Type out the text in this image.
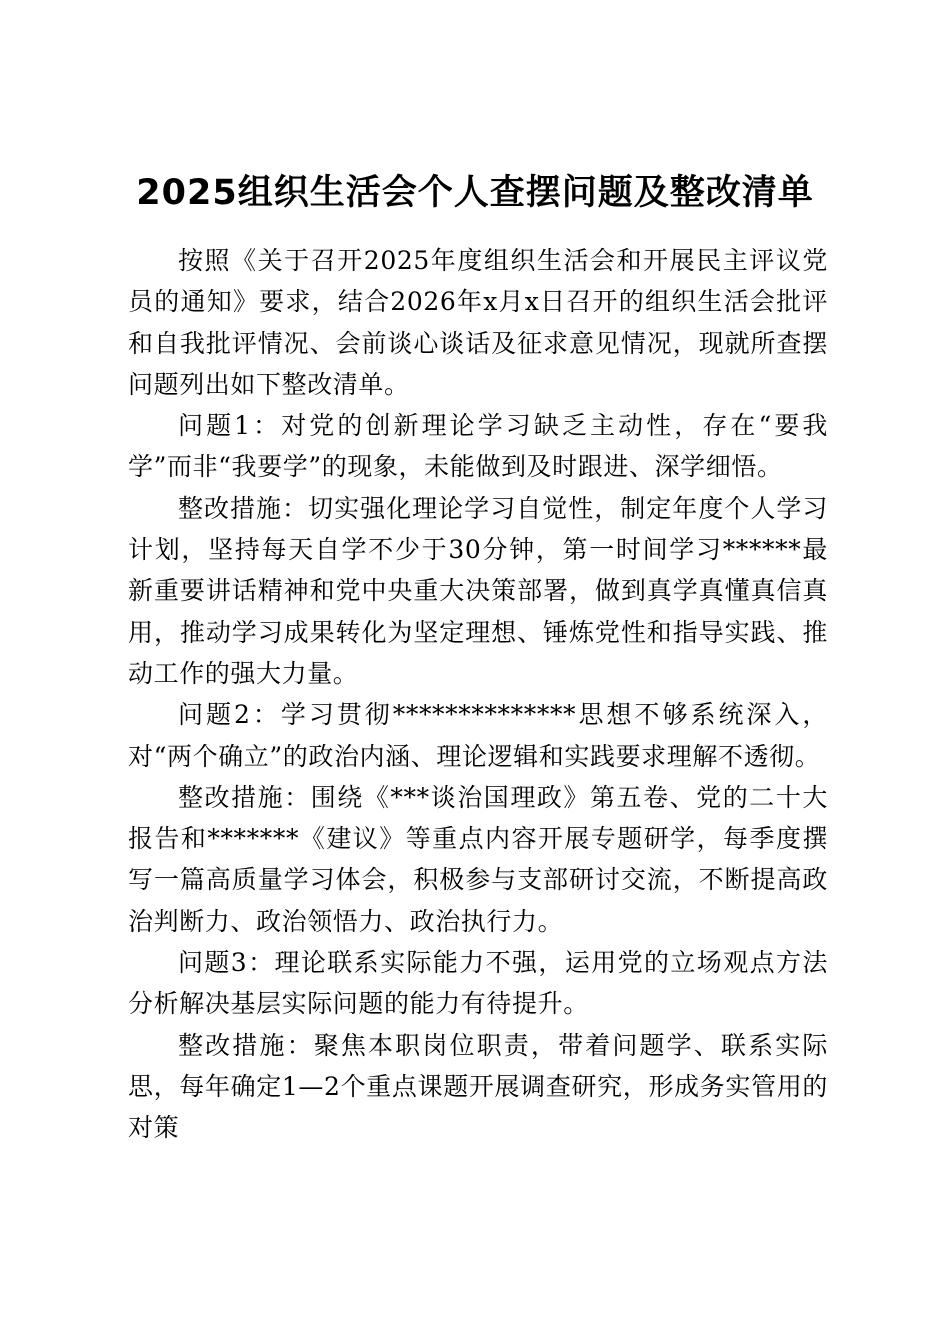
2025组织生活会个人查摆问题及整改清单

按照《关于召开2025年度组织生活会和开展民主评议党员的通知》要求，结合2026年x月x日召开的组织生活会批评和自我批评情况、会前谈心谈话及征求意见情况，现就所查摆问题列出如下整改清单。

问题1：对党的创新理论学习缺乏主动性，存在“要我学”而非“我要学”的现象，未能做到及时跟进、深学细悟。

整改措施：切实强化理论学习自觉性，制定年度个人学习计划，坚持每天自学不少于30分钟，第一时间学习******最新重要讲话精神和党中央重大决策部署，做到真学真懂真信真用，推动学习成果转化为坚定理想、锤炼党性和指导实践、推动工作的强大力量。

问题2：学习贯彻**************思想不够系统深入，对“两个确立”的政治内涵、理论逻辑和实践要求理解不透彻。

整改措施：围绕《***谈治国理政》第五卷、党的二十大报告和*******《建议》等重点内容开展专题研学，每季度撰写一篇高质量学习体会，积极参与支部研讨交流，不断提高政治判断力、政治领悟力、政治执行力。

问题3：理论联系实际能力不强，运用党的立场观点方法分析解决基层实际问题的能力有待提升。

整改措施：聚焦本职岗位职责，带着问题学、联系实际思，每年确定1—2个重点课题开展调查研究，形成务实管用的对策
